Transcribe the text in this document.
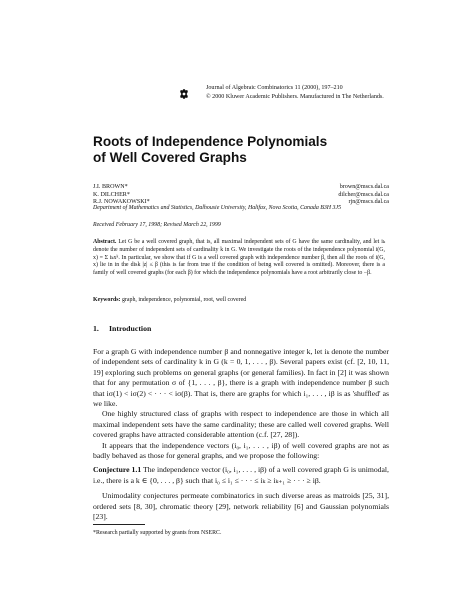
Journal of Algebraic Combinatorics 11 (2000), 197–210
© 2000 Kluwer Academic Publishers. Manufactured in The Netherlands.
Roots of Independence Polynomials
of Well Covered Graphs
J.I. BROWN*	brown@mscs.dal.ca
K. DILCHER*	dilcher@mscs.dal.ca
R.J. NOWAKOWSKI*	rjn@mscs.dal.ca
Department of Mathematics and Statistics, Dalhousie University, Halifax, Nova Scotia, Canada B3H 3J5
Received February 17, 1998; Revised March 22, 1999
Abstract. Let G be a well covered graph, that is, all maximal independent sets of G have the same cardinality, and let iₖ denote the number of independent sets of cardinality k in G. We investigate the roots of the independence polynomial i(G, x) = Σ iₖxᵏ. In particular, we show that if G is a well covered graph with independence number β, then all the roots of i(G, x) lie in in the disk |z| ≤ β (this is far from true if the condition of being well covered is omitted). Moreover, there is a family of well covered graphs (for each β) for which the independence polynomials have a root arbitrarily close to −β.
Keywords: graph, independence, polynomial, root, well covered
1. Introduction

For a graph G with independence number β and nonnegative integer k, let iₖ denote the number of independent sets of cardinality k in G (k = 0, 1, . . . , β). Several papers exist (cf. [2, 10, 11, 19] exploring such problems on general graphs (or general families). In fact in [2] it was shown that for any permutation σ of {1, . . . , β}, there is a graph with independence number β such that iσ(1) < iσ(2) < · · · < iσ(β). That is, there are graphs for which i₁, . . . , iβ is as 'shuffled' as we like.

One highly structured class of graphs with respect to independence are those in which all maximal independent sets have the same cardinality; these are called well covered graphs. Well covered graphs have attracted considerable attention (c.f. [27, 28]).

It appears that the independence vectors (i₀, i₁, . . . , iβ) of well covered graphs are not as badly behaved as those for general graphs, and we propose the following:

Conjecture 1.1 The independence vector (i₀, i₁, . . . , iβ) of a well covered graph G is unimodal, i.e., there is a k ∈ {0, . . . , β} such that i₀ ≤ i₁ ≤ · · · ≤ iₖ ≥ iₖ₊₁ ≥ · · · ≥ iβ.

Unimodality conjectures permeate combinatorics in such diverse areas as matroids [25, 31], ordered sets [8, 30], chromatic theory [29], network reliability [6] and Gaussian polynomials [23].

*Research partially supported by grants from NSERC.
